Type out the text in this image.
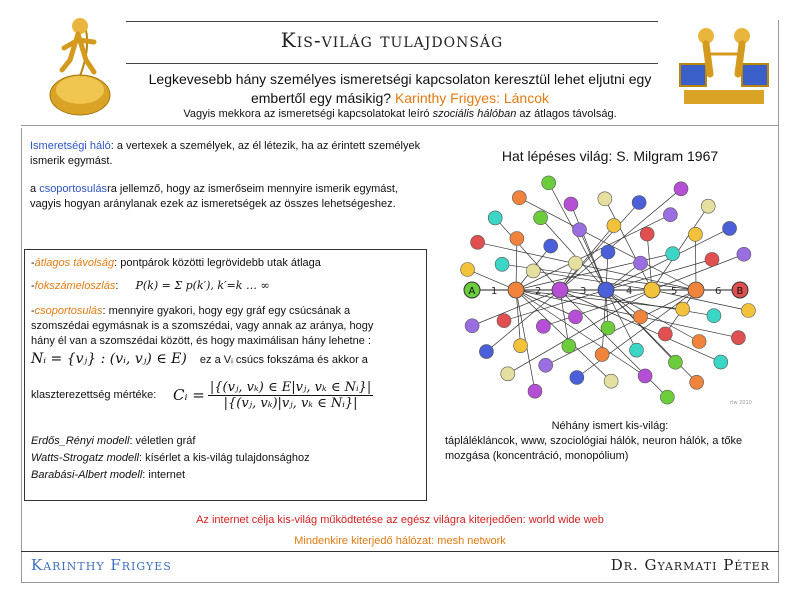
Kis-világ tulajdonság
Legkevesebb hány személyes ismeretségi kapcsolaton keresztül lehet eljutni egy embertől egy másikig? Karinthy Frigyes: Láncok
Vagyis mekkora az ismeretségi kapcsolatokat leíró szociális hálóban az átlagos távolság.
Ismeretségi háló: a vertexek a személyek, az él létezik, ha az érintett személyek ismerik egymást.
a csoportosulásra jellemző, hogy az ismerőseim mennyire ismerik egymást, vagyis hogyan aránylanak ezek az ismeretségek az összes lehetségeshez.
-átlagos távolság: pontpárok közötti legrövidebb utak átlaga
-fokszámeloszlás: P(k) = Σ p(k′), k′=k … ∞
-csoportosulás: mennyire gyakori, hogy egy gráf egy csúcsának a
szomszédai egymásnak is a szomszédai, vagy annak az aránya, hogy
hány él van a szomszédai között, és hogy maximálisan hány lehetne :
Nᵢ = {vⱼ} : (vᵢ, vⱼ) ∈ E) ez a Vᵢ csúcs fokszáma és akkor a
klaszterezettség mértéke: Cᵢ = $\frac{\text{|\{(vⱼ, vₖ) ∈ E|vⱼ, vₖ ∈ Nᵢ\}|}}{\text{|\{(vⱼ, vₖ)|vⱼ, vₖ ∈ Nᵢ\}|}}$
Erdős_Rényi modell: véletlen gráf
Watts-Strogatz modell: kísérlet a kis-világ tulajdonsághoz
Barabási-Albert modell: internet
Hat lépéses világ: S. Milgram 1967
1	2	3	4	5	6
A	B
rlw 2010
Néhány ismert kis-világ:
táplálékláncok, www, szociológiai hálók, neuron hálók, a tőke mozgása (koncentráció, monopólium)
Az internet célja kis-világ működtetése az egész világra kiterjedően: world wide web
Mindenkire kiterjedő hálózat: mesh network
Karinthy Frigyes	Dr. Gyarmati Péter
